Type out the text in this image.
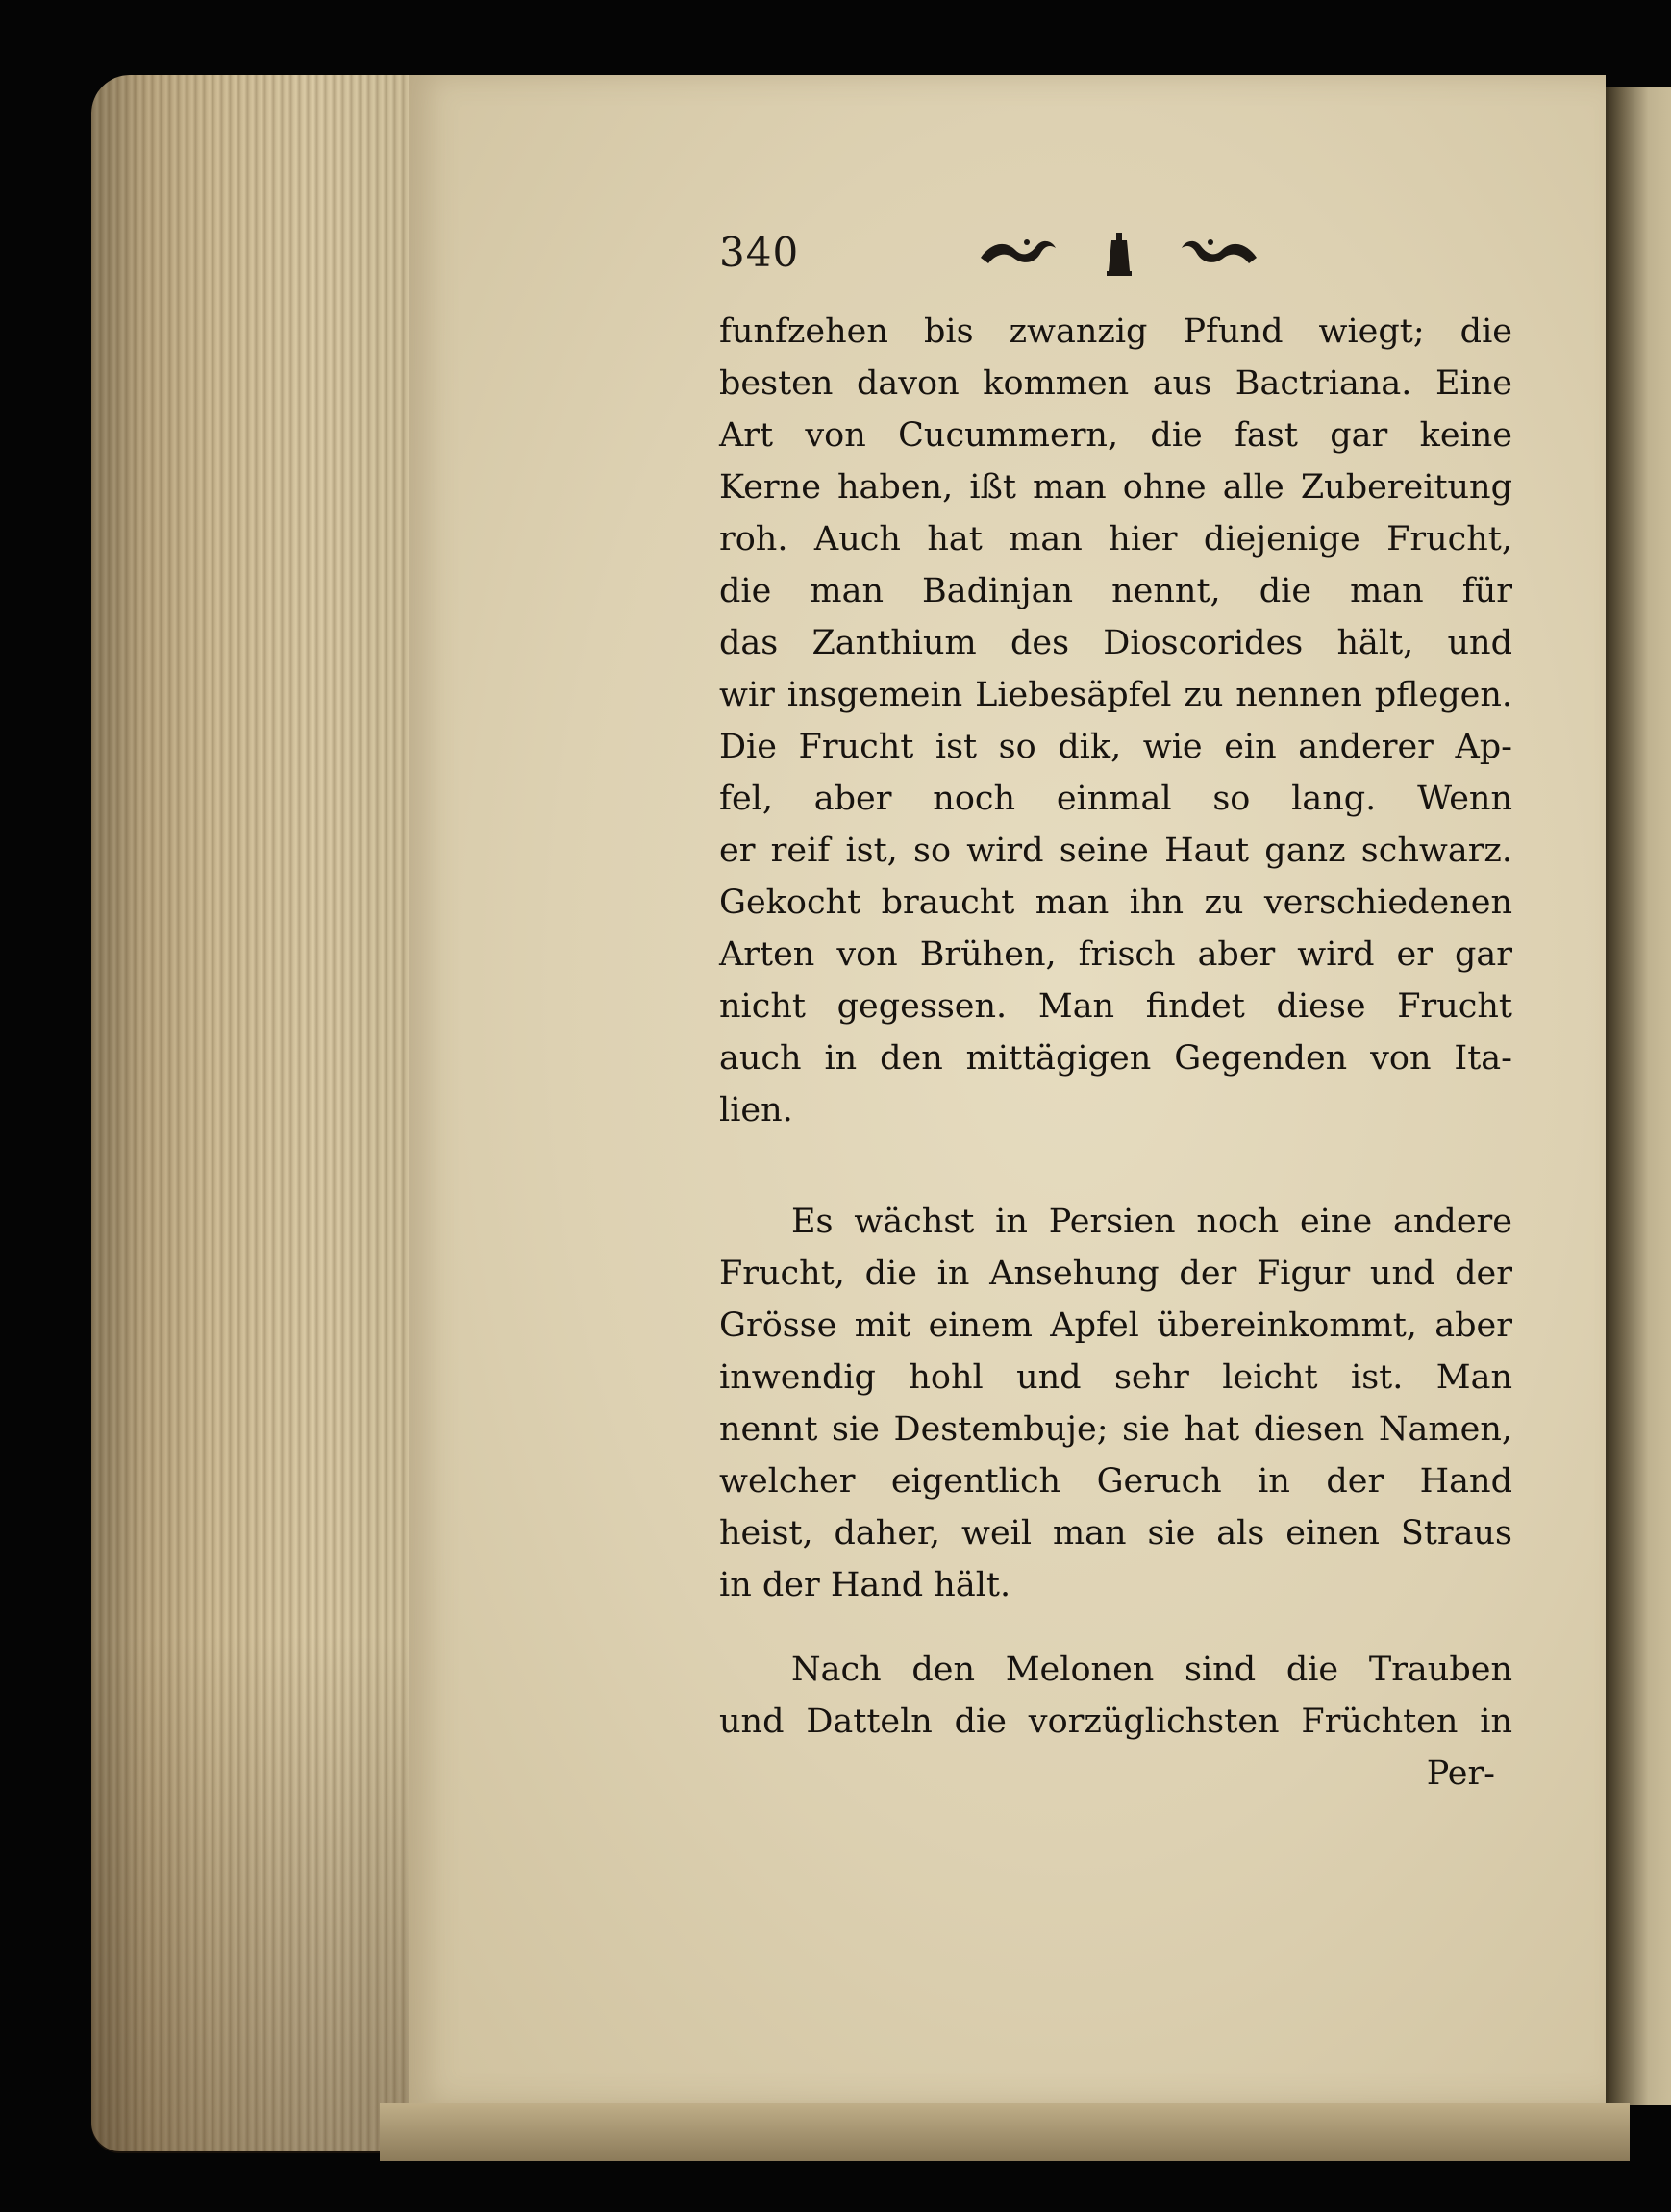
340
funfzehen bis zwanzig Pfund wiegt; die
besten davon kommen aus Bactriana. Eine
Art von Cucummern, die fast gar keine
Kerne haben, ißt man ohne alle Zubereitung
roh. Auch hat man hier diejenige Frucht,
die man Badinjan nennt, die man für
das Zanthium des Dioscorides hält, und
wir insgemein Liebesäpfel zu nennen pflegen.
Die Frucht ist so dik, wie ein anderer Ap-
fel, aber noch einmal so lang. Wenn
er reif ist, so wird seine Haut ganz schwarz.
Gekocht braucht man ihn zu verschiedenen
Arten von Brühen, frisch aber wird er gar
nicht gegessen. Man findet diese Frucht
auch in den mittägigen Gegenden von Ita-
lien.
Es wächst in Persien noch eine andere
Frucht, die in Ansehung der Figur und der
Grösse mit einem Apfel übereinkommt, aber
inwendig hohl und sehr leicht ist. Man
nennt sie Destembuje; sie hat diesen Namen,
welcher eigentlich Geruch in der Hand
heist, daher, weil man sie als einen Straus
in der Hand hält.
Nach den Melonen sind die Trauben
und Datteln die vorzüglichsten Früchten in
Per-
